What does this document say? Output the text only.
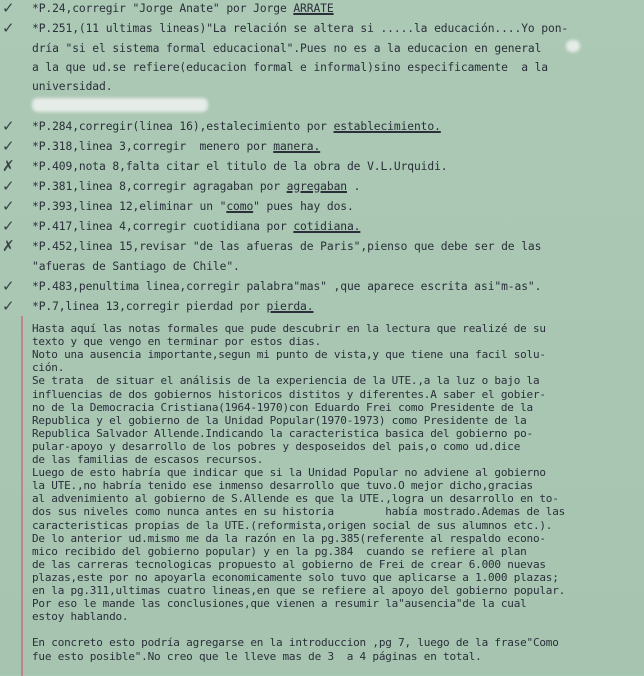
✓ *P.24,corregir "Jorge Anate" por Jorge ARRATE
✓ *P.251,(11 ultimas lineas)"La relación se altera si .....la educación....Yo pon-
dría "si el sistema formal educacional".Pues no es a la educacion en general
a la que ud.se refiere(educacion formal e informal)sino especificamente  a la
universidad.
✓ *P.284,corregir(linea 16),estalecimiento por establecimiento.
✓ *P.318,linea 3,corregir  menero por manera.
✗ *P.409,nota 8,falta citar el titulo de la obra de V.L.Urquidi.
✓ *P.381,linea 8,corregir agragaban por agregaban .
✓ *P.393,linea 12,eliminar un "como" pues hay dos.
✓ *P.417,linea 4,corregir cuotidiana por cotidiana.
✗ *P.452,linea 15,revisar "de las afueras de Paris",pienso que debe ser de las
"afueras de Santiago de Chile".
✓ *P.483,penultima linea,corregir palabra"mas" ,que aparece escrita asi"m-as".
✓ *P.7,linea 13,corregir pierdad por pierda.
Hasta aquí las notas formales que pude descubrir en la lectura que realizé de su
texto y que vengo en terminar por estos dias.
Noto una ausencia importante,segun mi punto de vista,y que tiene una facil solu-
ción.
Se trata  de situar el análisis de la experiencia de la UTE.,a la luz o bajo la
influencias de dos gobiernos historicos distitos y diferentes.A saber el gobier-
no de la Democracia Cristiana(1964-1970)con Eduardo Frei como Presidente de la
Republica y el gobierno de la Unidad Popular(1970-1973) como Presidente de la
Republica Salvador Allende.Indicando la caracteristica basica del gobierno po-
pular-apoyo y desarrollo de los pobres y desposeidos del pais,o como ud.dice
de las familias de escasos recursos.
Luego de esto habría que indicar que si la Unidad Popular no adviene al gobierno
la UTE.,no habría tenido ese inmenso desarrollo que tuvo.O mejor dicho,gracias
al advenimiento al gobierno de S.Allende es que la UTE.,logra un desarrollo en to-
dos sus niveles como nunca antes en su historia        había mostrado.Ademas de las
caracteristicas propias de la UTE.(reformista,origen social de sus alumnos etc.).
De lo anterior ud.mismo me da la razón en la pg.385(referente al respaldo econo-
mico recibido del gobierno popular) y en la pg.384  cuando se refiere al plan
de las carreras tecnologicas propuesto al gobierno de Frei de crear 6.000 nuevas
plazas,este por no apoyarla economicamente solo tuvo que aplicarse a 1.000 plazas;
en la pg.311,ultimas cuatro lineas,en que se refiere al apoyo del gobierno popular.
Por eso le mande las conclusiones,que vienen a resumir la"ausencia"de la cual
estoy hablando.
En concreto esto podría agregarse en la introduccion ,pg 7, luego de la frase"Como
fue esto posible".No creo que le lleve mas de 3  a 4 páginas en total.
